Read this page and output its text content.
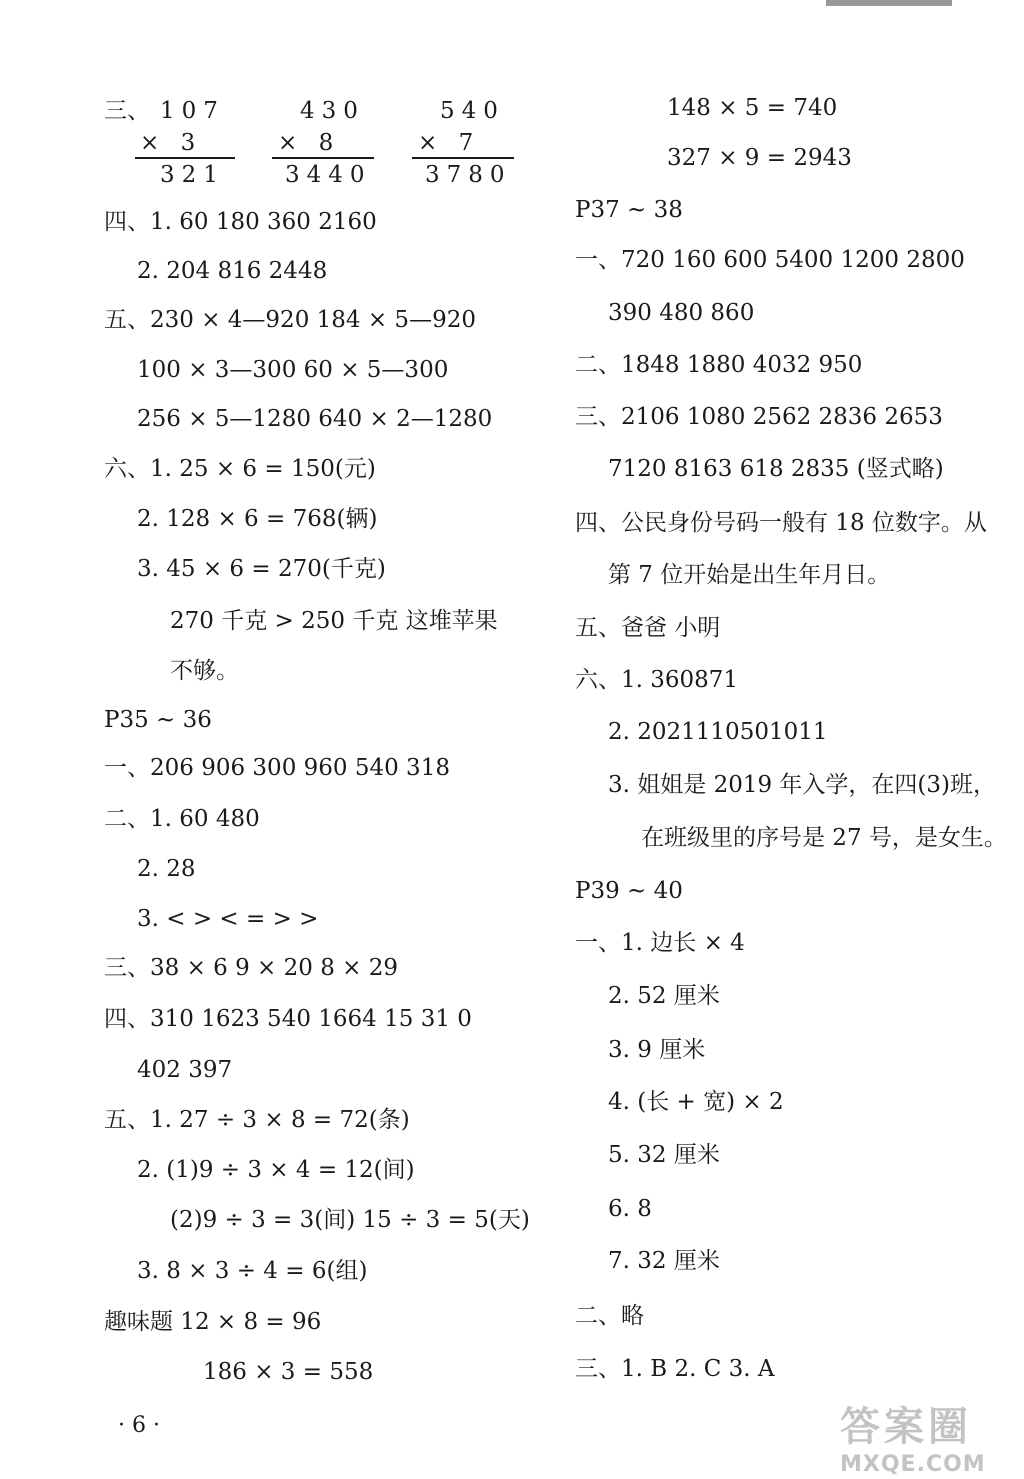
三、 107
× 3
321
430
× 8
3440
540
× 7
3780
四、1. 60 180 360 2160
2. 204 816 2448
五、230 × 4—920 184 × 5—920
100 × 3—300 60 × 5—300
256 × 5—1280 640 × 2—1280
六、1. 25 × 6 = 150(元)
2. 128 × 6 = 768(辆)
3. 45 × 6 = 270(千克)
270 千克 > 250 千克 这堆苹果
不够。
P35 ~ 36
一、206 906 300 960 540 318
二、1. 60 480
2. 28
3. < > < = > >
三、38 × 6 9 × 20 8 × 29
四、310 1623 540 1664 15 31 0
402 397
五、1. 27 ÷ 3 × 8 = 72(条)
2. (1)9 ÷ 3 × 4 = 12(间)
(2)9 ÷ 3 = 3(间) 15 ÷ 3 = 5(天)
3. 8 × 3 ÷ 4 = 6(组)
趣味题 12 × 8 = 96
186 × 3 = 558
148 × 5 = 740
327 × 9 = 2943
P37 ~ 38
一、720 160 600 5400 1200 2800
390 480 860
二、1848 1880 4032 950
三、2106 1080 2562 2836 2653
7120 8163 618 2835 (竖式略)
四、公民身份号码一般有 18 位数字。从
第 7 位开始是出生年月日。
五、爸爸 小明
六、1. 360871
2. 2021110501011
3. 姐姐是 2019 年入学，在四(3)班，
在班级里的序号是 27 号，是女生。
P39 ~ 40
一、1. 边长 × 4
2. 52 厘米
3. 9 厘米
4. (长 + 宽) × 2
5. 32 厘米
6. 8
7. 32 厘米
二、略
三、1. B 2. C 3. A
· 6 ·	答案圈
MXQE.COM
